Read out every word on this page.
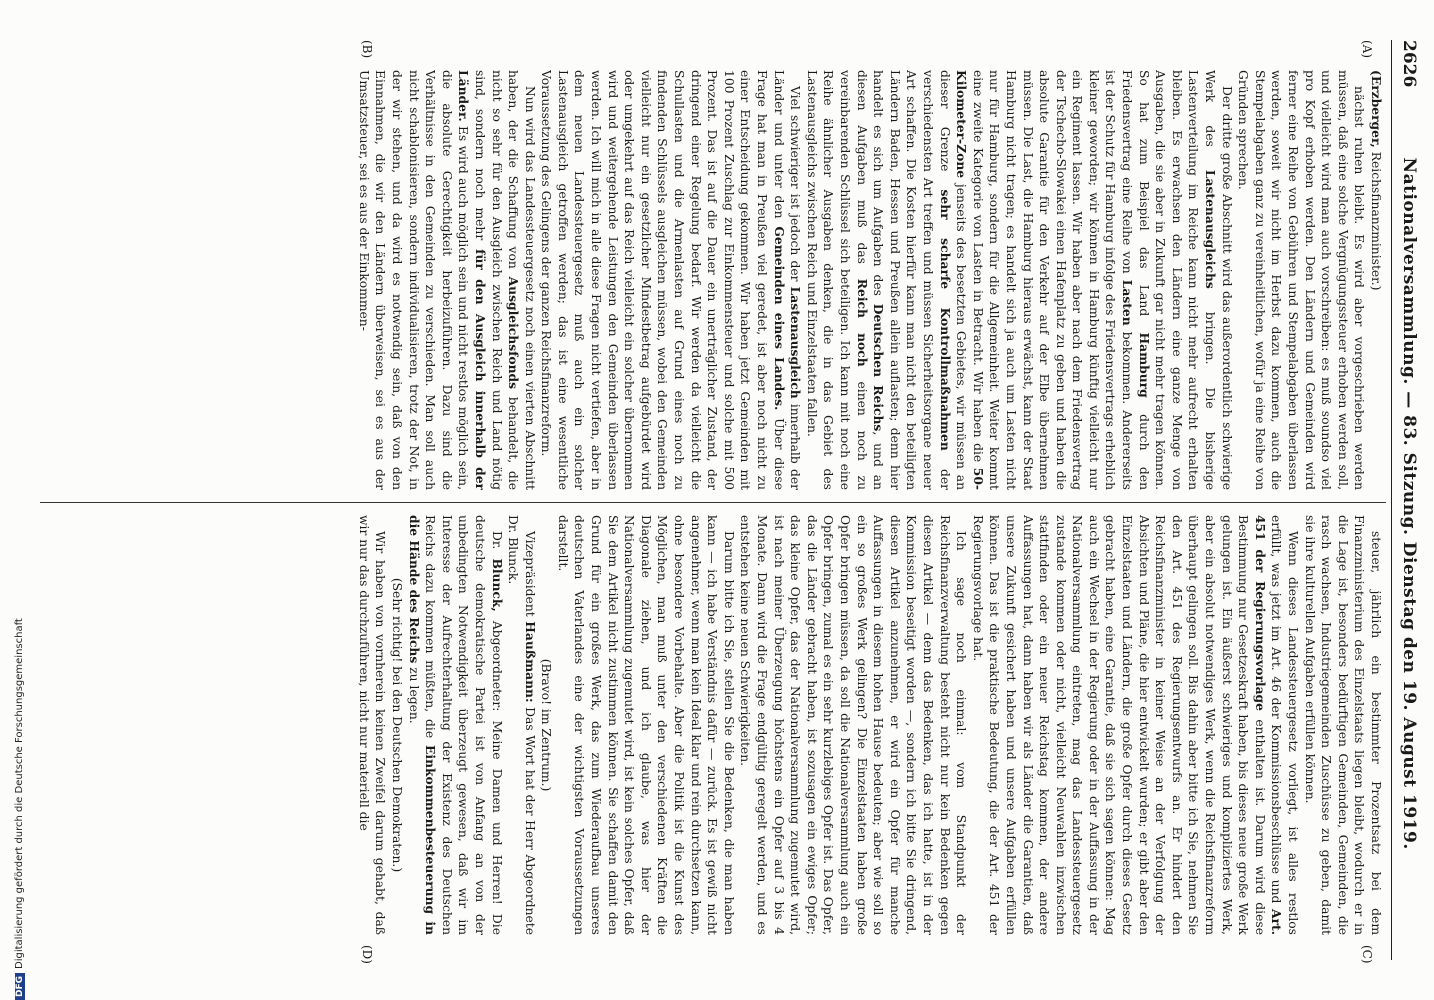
2626
Nationalversammlung. — 83. Sitzung. Dienstag den 19. August 1919.
(A)
(B)
(C)
(D)

(Erzberger, Reichsfinanzminister.)

nächst ruhen bleibt. Es wird aber vorgeschrieben werden müssen, daß eine solche Vergnügungssteuer erhoben werden soll, und vielleicht wird man auch vorschreiben: es muß soundso viel pro Kopf erhoben werden. Den Ländern und Gemeinden wird ferner eine Reihe von Gebühren und Stempelabgaben überlassen werden, soweit wir nicht im Herbst dazu kommen, auch die Stempelabgaben ganz zu vereinheitlichen, wofür ja eine Reihe von Gründen sprechen.

Der dritte große Abschnitt wird das außerordentlich schwierige Werk des Lastenausgleichs bringen. Die bisherige Lastenverteilung im Reiche kann nicht mehr aufrecht erhalten bleiben. Es erwachsen den Ländern eine ganze Menge von Ausgaben, die sie aber in Zukunft gar nicht mehr tragen können. So hat zum Beispiel das Land Hamburg durch den Friedensvertrag eine Reihe von Lasten bekommen. Andererseits ist der Schutz für Hamburg infolge des Friedensvertrags erheblich kleiner geworden; wir können in Hamburg künftig vielleicht nur ein Regiment lassen. Wir haben aber nach dem Friedensvertrag der Tschecho-Slowakei einen Hafenplatz zu geben und haben die absolute Garantie für den Verkehr auf der Elbe übernehmen müssen. Die Last, die Hamburg hieraus erwächst, kann der Staat Hamburg nicht tragen; es handelt sich ja auch um Lasten nicht nur für Hamburg, sondern für die Allgemeinheit. Weiter kommt eine zweite Kategorie von Lasten in Betracht. Wir haben die 50-Kilometer-Zone jenseits des besetzten Gebietes, wir müssen an dieser Grenze sehr scharfe Kontrollmaßnahmen der verschiedensten Art treffen und müssen Sicherheitsorgane neuer Art schaffen. Die Kosten hierfür kann man nicht den beteiligten Ländern Baden, Hessen und Preußen allein auflasten; denn hier handelt es sich um Aufgaben des Deutschen Reichs, und an diesen Aufgaben muß das Reich noch einen noch zu vereinbarenden Schlüssel sich beteiligen. Ich kann mit noch eine Reihe ähnlicher Ausgaben denken, die in das Gebiet des Lastenausgleichs zwischen Reich und Einzelstaaten fallen.

Viel schwieriger ist jedoch der Lastenausgleich innerhalb der Länder und unter den Gemeinden eines Landes. Über diese Frage hat man in Preußen viel geredet, ist aber noch nicht zu einer Entscheidung gekommen. Wir haben jetzt Gemeinden mit 100 Prozent Zuschlag zur Einkommensteuer und solche mit 500 Prozent. Das ist auf die Dauer ein unerträglicher Zustand, der dringend einer Regelung bedarf. Wir werden da vielleicht die Schullasten und die Armenlasten auf Grund eines noch zu findenden Schlüssels ausgleichen müssen, wobei den Gemeinden vielleicht nur ein gesetzlicher Mindestbetrag aufgebürdet wird oder umgekehrt auf das Reich vielleicht ein solcher übernommen wird und weitergehende Leistungen den Gemeinden überlassen werden. Ich will mich in alle diese Fragen nicht vertiefen, aber in dem neuen Landessteuergesetz muß auch ein solcher Lastenausgleich getroffen werden; das ist eine wesentliche Voraussetzung des Gelingens der ganzen Reichsfinanzreform.

Nun wird das Landessteuergesetz noch einen vierten Abschnitt haben, der die Schaffung von Ausgleichsfonds behandelt, die nicht so sehr für den Ausgleich zwischen Reich und Land nötig sind, sondern noch mehr für den Ausgleich innerhalb der Länder. Es wird auch möglich sein und nicht restlos möglich sein, die absolute Gerechtigkeit herbeizuführen. Dazu sind die Verhältnisse in den Gemeinden zu verschieden. Man soll auch nicht schablonisieren, sondern individualisieren, trotz der Not, in der wir stehen, und da wird es notwendig sein, daß von den Einnahmen, die wir den Ländern überweisen, sei es aus der Umsatzsteuer, sei es aus der Einkommen-

steuer, jährlich ein bestimmter Prozentsatz bei dem Finanzministerium des Einzelstaats liegen bleibt, wodurch er in die Lage ist, besonders bedürftigen Gemeinden, Gemeinden, die rasch wachsen, Industriegemeinden Zuschüsse zu geben, damit sie ihre kulturellen Aufgaben erfüllen können.

Wenn dieses Landessteuergesetz vorliegt, ist alles restlos erfüllt, was jetzt im Art. 46 der Kommissionsbeschlüsse und Art. 451 der Regierungsvorlage enthalten ist. Darum wird diese Bestimmung nur Gesetzeskraft haben, bis dieses neue große Werk gelungen ist. Ein äußerst schwieriges und kompliziertes Werk, aber ein absolut notwendiges Werk, wenn die Reichsfinanzreform überhaupt gelingen soll. Bis dahin aber bitte ich Sie, nehmen Sie den Art. 451 des Regierungsentwurfs an. Er hindert den Reichsfinanzminister in keiner Weise an der Verfolgung der Absichten und Pläne, die hier entwickelt wurden; er gibt aber den Einzelstaaten und Ländern, die große Opfer durch dieses Gesetz gebracht haben, eine Garantie, daß sie sich sagen können: Mag auch ein Wechsel in der Regierung oder in der Auffassung in der Nationalversammlung eintreten, mag das Landessteuergesetz zustande kommen oder nicht, vielleicht Neuwahlen inzwischen stattfinden oder ein neuer Reichstag kommen, der andere Auffassungen hat, dann haben wir als Länder die Garantien, daß unsere Zukunft gesichert haben und unsere Aufgaben erfüllen können. Das ist die praktische Bedeutung, die der Art. 451 der Regierungsvorlage hat.

Ich sage noch einmal: vom Standpunkt der Reichsfinanzverwaltung besteht nicht nur kein Bedenken gegen diesen Artikel — denn das Bedenken, das ich hatte, ist in der Kommission beseitigt worden —, sondern ich bitte Sie dringend, diesen Artikel anzunehmen, er wird ein Opfer für manche Auffassungen in diesem hohen Hause bedeuten; aber wie soll so ein so großes Werk gelingen? Die Einzelstaaten haben große Opfer bringen müssen, da soll die Nationalversammlung auch ein Opfer bringen, zumal es ein sehr kurzlebiges Opfer ist. Das Opfer, das die Länder gebracht haben, ist sozusagen ein ewiges Opfer; das kleine Opfer, das der Nationalversammlung zugemutet wird, ist nach meiner Überzeugung höchstens ein Opfer auf 3 bis 4 Monate. Dann wird die Frage endgültig geregelt werden, und es entstehen keine neuen Schwierigkeiten.

Darum bitte ich Sie, stellen Sie die Bedenken, die man haben kann — ich habe Verständnis dafür — zurück. Es ist gewiß nicht angenehmer, wenn man kein Ideal klar und rein durchsetzen kann, ohne besondere Vorbehalte. Aber die Politik ist die Kunst des Möglichen, man muß unter den verschiedenen Kräften die Diagonale ziehen, und ich glaube, was hier der Nationalversammlung zugemutet wird, ist kein solches Opfer, daß Sie dem Artikel nicht zustimmen können. Sie schaffen damit den Grund für ein großes Werk, das zum Wiederaufbau unseres deutschen Vaterlandes eine der wichtigsten Voraussetzungen darstellt.

(Bravo! im Zentrum.)

Vizepräsident Haußmann: Das Wort hat der Herr Abgeordnete Dr. Blunck.

Dr. Blunck, Abgeordneter: Meine Damen und Herren! Die deutsche demokratische Partei ist von Anfang an von der unbedingten Notwendigkeit überzeugt gewesen, daß wir im Interesse der Aufrechterhaltung der Existenz des Deutschen Reichs dazu kommen müßten, die Einkommenbesteuerung in die Hände des Reichs zu legen.

(Sehr richtig! bei den Deutschen Demokraten.)

Wir haben von vornherein keinen Zweifel darum gehabt, daß wir nur das durchzuführen, nicht nur materiell die

DFG
Digitalisierung gefördert durch die Deutsche Forschungsgemeinschaft
